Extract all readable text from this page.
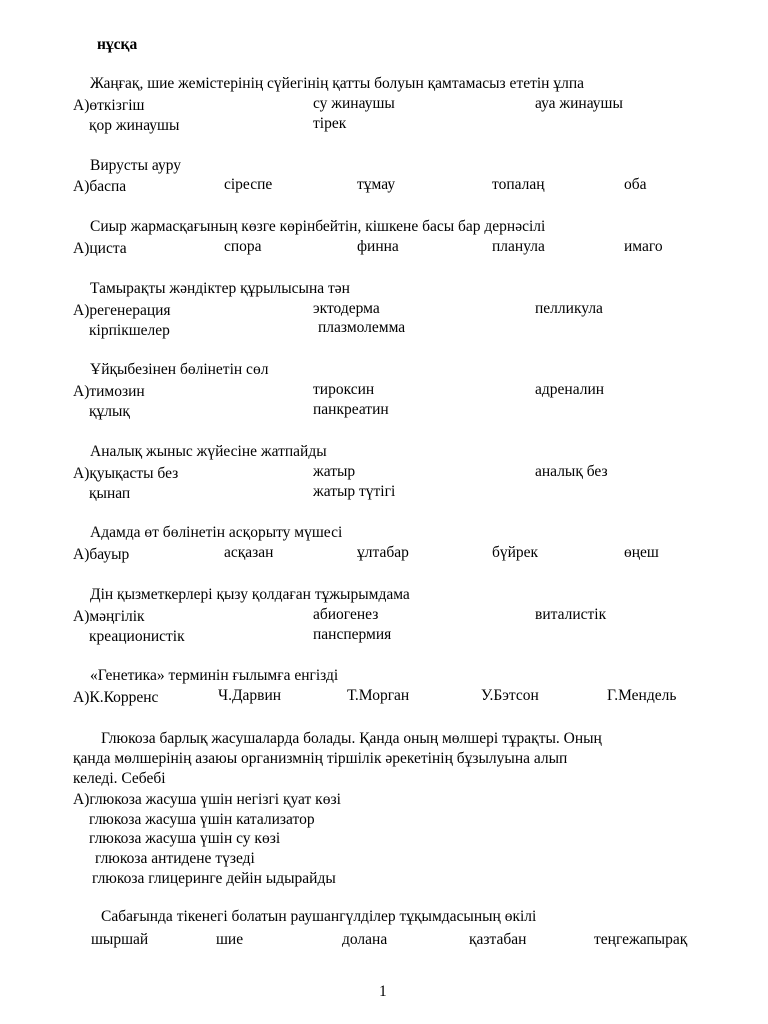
нұсқа
Жаңғақ, шие жемістерінің сүйегінің қатты болуын қамтамасыз ететін ұлпа
А)өткізгіш	су жинаушы	ауа жинаушы
қор жинаушы	тірек
Вирусты ауру
А)баспа	сіреспе	тұмау	топалаң	оба
Сиыр жармасқағының көзге көрінбейтін, кішкене басы бар дернәсілі
А)циста	спора	финна	планула	имаго
Тамырақты жәндіктер құрылысына тән
А)регенерация	эктодерма	пелликула
кірпікшелер	плазмолемма
Ұйқыбезінен бөлінетін сөл
А)тимозин	тироксин	адреналин
құлық	панкреатин
Аналық жыныс жүйесіне жатпайды
А)қуықасты без	жатыр	аналық без
қынап	жатыр түтігі
Адамда өт бөлінетін асқорыту мүшесі
А)бауыр	асқазан	ұлтабар	бүйрек	өңеш
Дін қызметкерлері қызу қолдаған тұжырымдама
А)мәңгілік	абиогенез	виталистік
креационистік	панспермия
«Генетика» терминін ғылымға енгізді
А)К.Корренс	Ч.Дарвин	Т.Морган	У.Бэтсон	Г.Мендель
Глюкоза барлық жасушаларда болады. Қанда оның мөлшері тұрақты. Оның
қанда мөлшерінің азаюы организмнің тіршілік әрекетінің бұзылуына алып
келеді. Себебі
А)глюкоза жасуша үшін негізгі қуат көзі
глюкоза жасуша үшін катализатор
глюкоза жасуша үшін су көзі
глюкоза антидене түзеді
глюкоза глицеринге дейін ыдырайды
Сабағында тікенегі болатын раушангүлділер тұқымдасының өкілі
шыршай	шие	долана	қазтабан	теңгежапырақ
1
